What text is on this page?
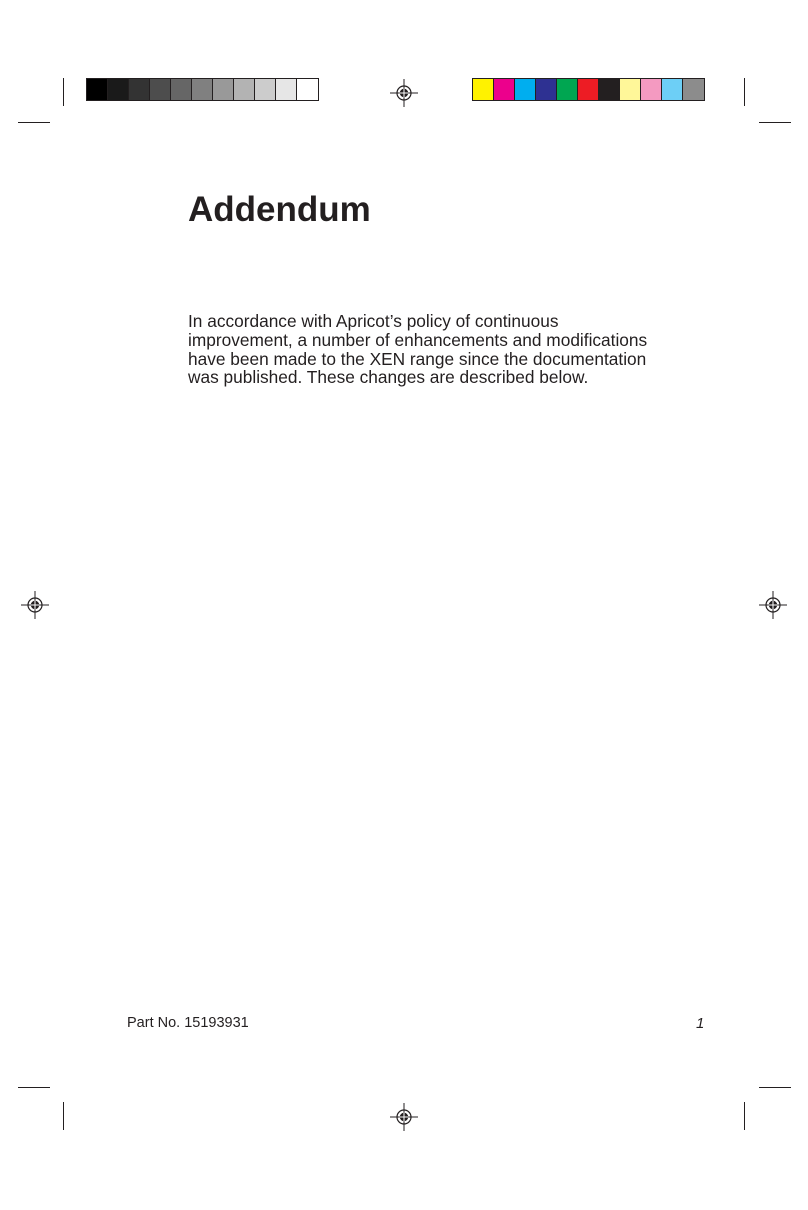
Addendum

In accordance with Apricot’s policy of continuous improvement, a number of enhancements and modifications have been made to the XEN range since the documentation was published. These changes are described below.

Part No. 15193931	1
